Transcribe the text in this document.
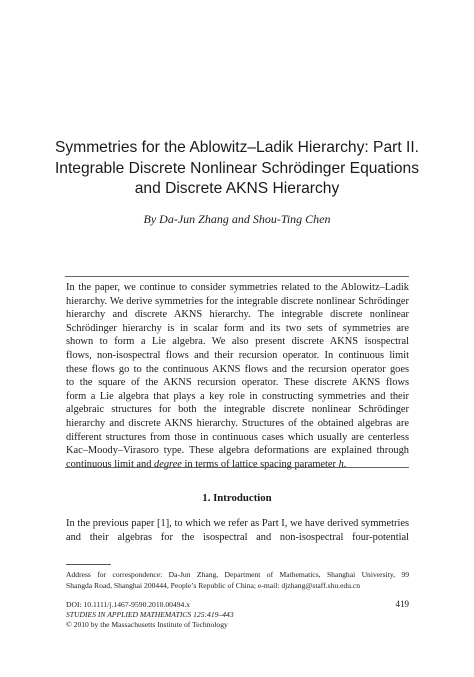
Symmetries for the Ablowitz–Ladik Hierarchy: Part II.
Integrable Discrete Nonlinear Schrödinger Equations
and Discrete AKNS Hierarchy
By Da-Jun Zhang and Shou-Ting Chen
In the paper, we continue to consider symmetries related to the Ablowitz–Ladik
hierarchy. We derive symmetries for the integrable discrete nonlinear Schrödinger
hierarchy and discrete AKNS hierarchy. The integrable discrete nonlinear
Schrödinger hierarchy is in scalar form and its two sets of symmetries are
shown to form a Lie algebra. We also present discrete AKNS isospectral
flows, non-isospectral flows and their recursion operator. In continuous limit
these flows go to the continuous AKNS flows and the recursion operator goes
to the square of the AKNS recursion operator. These discrete AKNS flows
form a Lie algebra that plays a key role in constructing symmetries and their
algebraic structures for both the integrable discrete nonlinear Schrödinger
hierarchy and discrete AKNS hierarchy. Structures of the obtained algebras are
different structures from those in continuous cases which usually are centerless
Kac–Moody–Virasoro type. These algebra deformations are explained through
continuous limit and degree in terms of lattice spacing parameter h.
1. Introduction
In the previous paper [1], to which we refer as Part I, we have derived symmetries
and their algebras for the isospectral and non-isospectral four-potential
Address for correspondence: Da-Jun Zhang, Department of Mathematics, Shanghai University, 99
Shangda Road, Shanghai 200444, People’s Republic of China; e-mail: djzhang@staff.shu.edu.cn
DOI: 10.1111/j.1467-9590.2010.00494.x
STUDIES IN APPLIED MATHEMATICS 125:419–443
© 2010 by the Massachusetts Institute of Technology
419
